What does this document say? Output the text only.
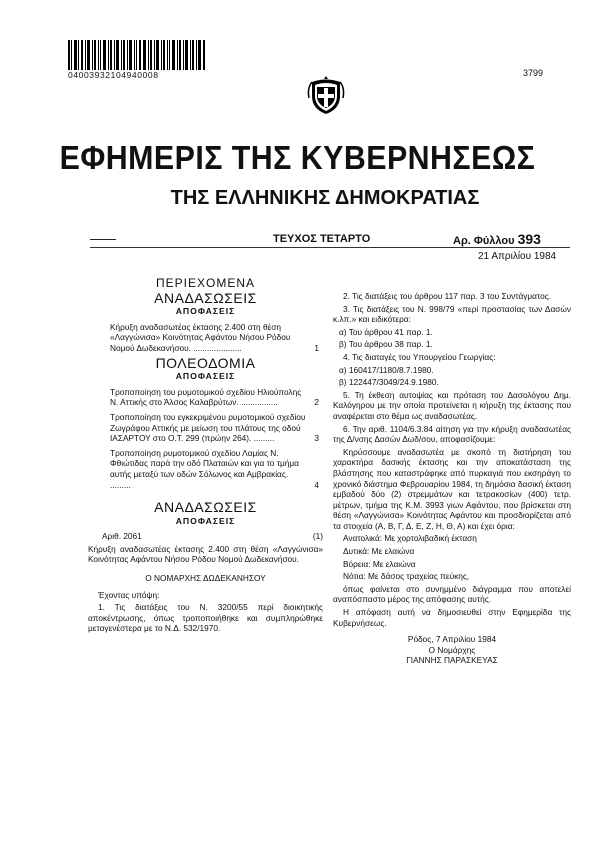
04003932104940008	3799
ΕΦΗΜΕΡΙΣ ΤΗΣ ΚΥΒΕΡΝΗΣΕΩΣ
ΤΗΣ ΕΛΛΗΝΙΚΗΣ ΔΗΜΟΚΡΑΤΙΑΣ
ΤΕΥΧΟΣ ΤΕΤΑΡΤΟ	Αρ. Φύλλου 393
21 Απριλίου 1984
ΠΕΡΙΕΧΟΜΕΝΑ
ΑΝΑΔΑΣΩΣΕΙΣ
ΑΠΟΦΑΣΕΙΣ
Κήρυξη αναδασωτέας έκτασης 2.400 στη θέση «Λαγγώνισα» Κοινότητας Αφάντου Νήσου Ρόδου Νομού Δωδεκανήσου. .....................	1
ΠΟΛΕΟΔΟΜΙΑ
ΑΠΟΦΑΣΕΙΣ
Τροποποίηση του ρυμοτομικού σχεδίου Ηλιούπολης Ν. Αττικής στο Άλσος Καλαβρύτων. ................	2
Τροποποίηση του εγκεκριμένου ρυμοτομικού σχεδίου Ζωγράφου Αττικής με μείωση του πλάτους της οδού ΙΑΣΑΡΤΟΥ στο Ο.Τ. 299 (πρώην 264). .........	3
Τροποποίηση ρυμοτομικού σχεδίου Λαμίας Ν. Φθιώτιδας παρά την οδό Πλαταιών και για το τμήμα αυτής μεταξύ των οδών Σόλωνος και Αμβρακίας. .........	4
ΑΝΑΔΑΣΩΣΕΙΣ
ΑΠΟΦΑΣΕΙΣ
Αριθ. 2061	(1)
Κήρυξη αναδασωτέας έκτασης 2.400 στη θέση «Λαγγώνισα» Κοινότητας Αφάντου Νήσου Ρόδου Νομού Δωδεκανήσου.
Ο ΝΟΜΑΡΧΗΣ ΔΩΔΕΚΑΝΗΣΟΥ
Έχοντας υπόψη:
1. Τις διατάξεις του Ν. 3200/55 περί διοικητικής αποκέντρωσης, όπως τροποποιήθηκε και συμπληρώθηκε μεταγενέστερα με το Ν.Δ. 532/1970.
2. Τις διατάξεις του άρθρου 117 παρ. 3 του Συντάγματος.
3. Τις διατάξεις του Ν. 998/79 «περί προστασίας των Δασών κ.λπ.» και ειδικότερα:
α) Του άρθρου 41 παρ. 1.
β) Του άρθρου 38 παρ. 1.
4. Τις διαταγές του Υπουργείου Γεωργίας:
α) 160417/1180/8.7.1980.
β) 122447/3049/24.9.1980.
5. Τη έκθεση αυτοψίας και πρόταση του Δασολόγου Δημ. Καλόγηρου με την οποία προτείνεται η κήρυξη της έκτασης που αναφέρεται στο θέμα ως αναδασωτέας.
6. Την αριθ. 1104/6.3.84 αίτηση για την κήρυξη αναδασωτέας της Δ/νσης Δασών Δωδ/σου, αποφασίζουμε:
Κηρύσσουμε αναδασωτέα με σκοπό τη διατήρηση του χαρακτήρα δασικής έκτασης και την αποκατάσταση της βλάστησης που καταστράφηκε από πυρκαγιά που εκσηράγη το χρονικό διάστημα Φεβρουαρίου 1984, τη δημόσια δασική έκταση εμβαδού δύο (2) στρεμμάτων και τετρακοσίων (400) τετρ. μέτρων, τμήμα της Κ.Μ. 3993 γιων Αφάντου, που βρίσκεται στη θέση «Λαγγώνισα» Κοινότητας Αφάντου και προσδιορίζεται από τα στοιχεία (Α, Β, Γ, Δ, Ε, Ζ, Η, Θ, Α) και έχει όρια:
Ανατολικά: Με χορτολιβαδική έκταση
Δυτικά: Με ελαιώνα
Βόρεια: Με ελαιώνα
Νότια: Με δάσος τραχείας πεύκης,
όπως φαίνεται στο συνημμένο διάγραμμα που αποτελεί αναπόσπαστο μέρος της απόφασης αυτής.
Η απόφαση αυτή να δημοσιευθεί στην Εφημερίδα της Κυβερνήσεως.
Ρόδος, 7 Απριλίου 1984
Ο Νομάρχης
ΓΙΑΝΝΗΣ ΠΑΡΑΣΚΕΥΑΣ
